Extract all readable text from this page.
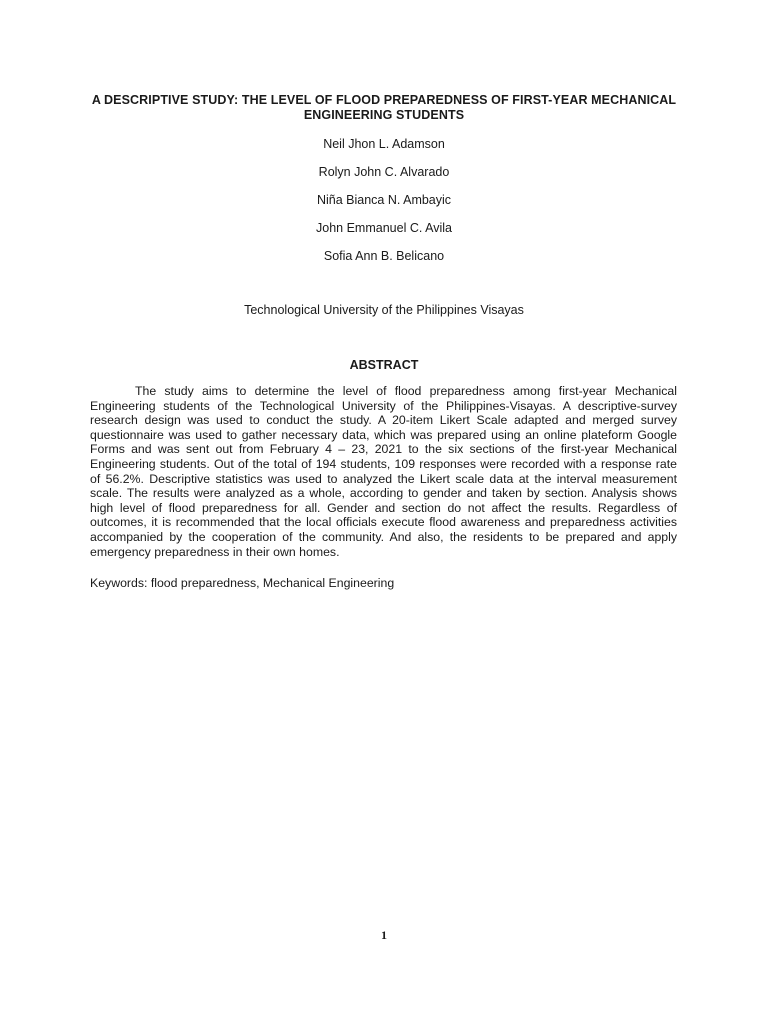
A DESCRIPTIVE STUDY: THE LEVEL OF FLOOD PREPAREDNESS OF FIRST-YEAR MECHANICAL ENGINEERING STUDENTS
Neil Jhon L. Adamson
Rolyn John C. Alvarado
Niña Bianca N. Ambayic
John Emmanuel C. Avila
Sofia Ann B. Belicano
Technological University of the Philippines Visayas
ABSTRACT

The study aims to determine the level of flood preparedness among first-year Mechanical Engineering students of the Technological University of the Philippines-Visayas. A descriptive-survey research design was used to conduct the study. A 20-item Likert Scale adapted and merged survey questionnaire was used to gather necessary data, which was prepared using an online plateform Google Forms and was sent out from February 4 – 23, 2021 to the six sections of the first-year Mechanical Engineering students. Out of the total of 194 students, 109 responses were recorded with a response rate of 56.2%. Descriptive statistics was used to analyzed the Likert scale data at the interval measurement scale. The results were analyzed as a whole, according to gender and taken by section. Analysis shows high level of flood preparedness for all. Gender and section do not affect the results. Regardless of outcomes, it is recommended that the local officials execute flood awareness and preparedness activities accompanied by the cooperation of the community. And also, the residents to be prepared and apply emergency preparedness in their own homes.

Keywords: flood preparedness, Mechanical Engineering
1
